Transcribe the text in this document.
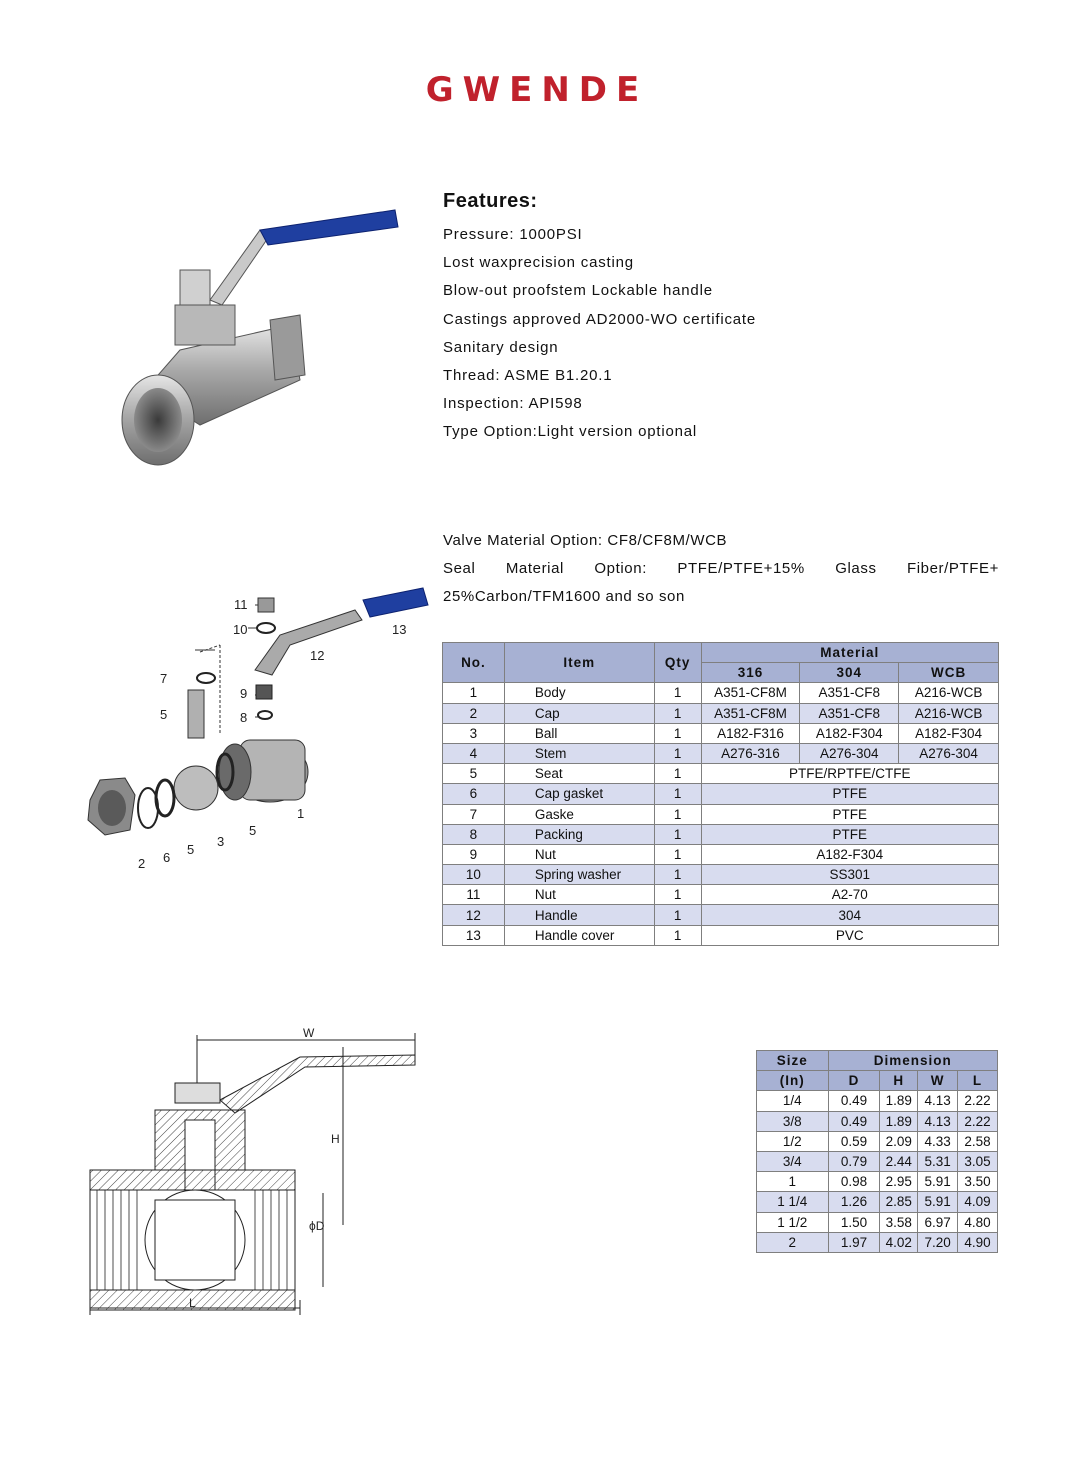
GWENDE
Features:
Pressure: 1000PSI
Lost waxprecision casting
Blow-out proofstem Lockable handle
Castings approved AD2000-WO certificate
Sanitary design
Thread: ASME B1.20.1
Inspection: API598
Type Option:Light version optional
Valve Material Option: CF8/CF8M/WCB
Seal Material Option: PTFE/PTFE+15% Glass Fiber/PTFE+
25%Carbon/TFM1600 and so son
11
10
12
13
7
5
9
8
1
5
3
5
6
2
No.	Item	Qty	Material		
			316	304	WCB
1	Body	1	A351-CF8M	A351-CF8	A216-WCB
2	Cap	1	A351-CF8M	A351-CF8	A216-WCB
3	Ball	1	A182-F316	A182-F304	A182-F304
4	Stem	1	A276-316	A276-304	A276-304
5	Seat	1	PTFE/RPTFE/CTFE		
6	Cap gasket	1	PTFE		
7	Gaske	1	PTFE		
8	Packing	1	PTFE		
9	Nut	1	A182-F304		
10	Spring washer	1	SS301		
11	Nut	1	A2-70		
12	Handle	1	304		
13	Handle cover	1	PVC		
W
H
ϕD
L
Size	Dimension			
(In)	D	H	W	L
1/4	0.49	1.89	4.13	2.22
3/8	0.49	1.89	4.13	2.22
1/2	0.59	2.09	4.33	2.58
3/4	0.79	2.44	5.31	3.05
1	0.98	2.95	5.91	3.50
1 1/4	1.26	2.85	5.91	4.09
1 1/2	1.50	3.58	6.97	4.80
2	1.97	4.02	7.20	4.90
